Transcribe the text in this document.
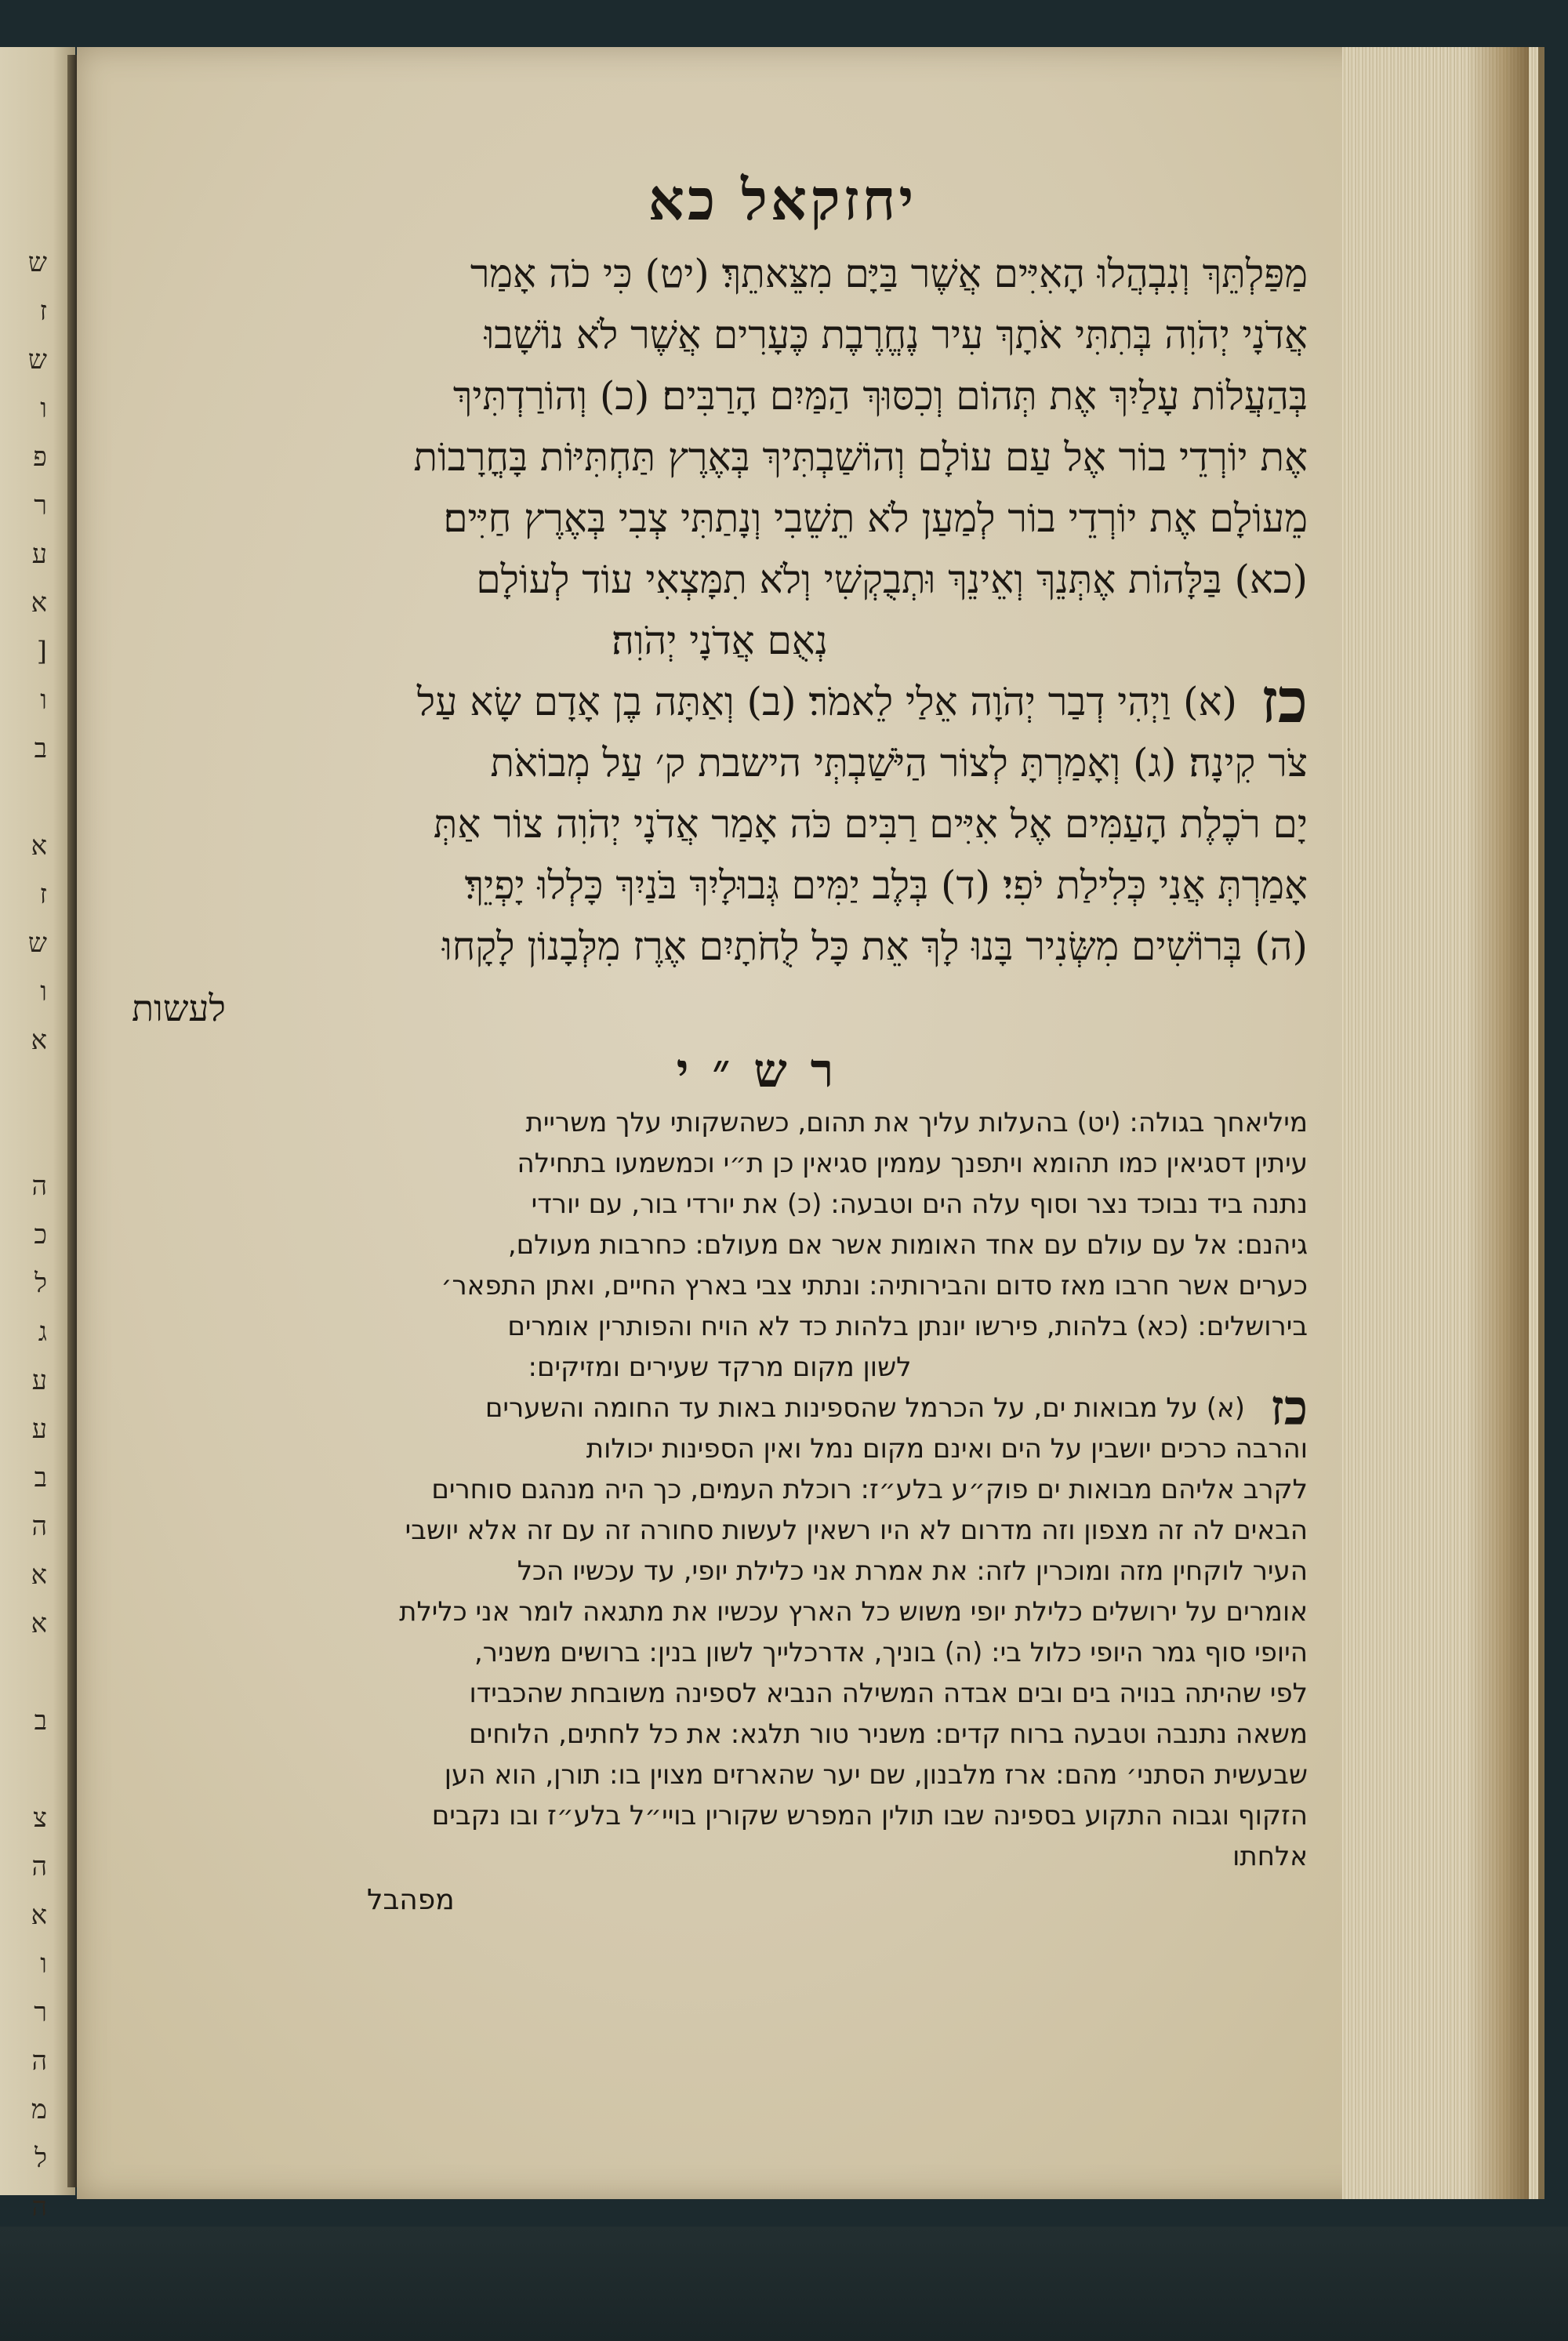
ש
ז
ש
ו
פ
ר
ע
א
[
ו
ב
א
ז
ש
ו
א
ה
כ
ל
ג
ע
ע
ב
ה
א
א
ב
צ
ה
א
ו
ר
ה
מ
ל
ה
יחזקאל כא
מַפַּלְתֵּךְ וְנִבְהֲלוּ הָאִיִּים אֲשֶׁר בַּיָּם מִצֵּאתֵךְ׃ (יט) כִּי כֹה אָמַר
אֲדֹנָי יְהֹוִה בְּתִתִּי אֹתָךְ עִיר נֶחֱרֶבֶת כֶּעָרִים אֲשֶׁר לֹא נוֹשָׁבוּ
בְּהַעֲלוֹת עָלַיִךְ אֶת תְּהוֹם וְכִסּוּךְ הַמַּיִם הָרַבִּים׃ (כ) וְהוֹרַדְתִּיךְ
אֶת יוֹרְדֵי בוֹר אֶל עַם עוֹלָם וְהוֹשַׁבְתִּיךְ בְּאֶרֶץ תַּחְתִּיּוֹת בָּחֳרָבוֹת
מֵעוֹלָם אֶת יוֹרְדֵי בוֹר לְמַעַן לֹא תֵשֵׁבִי וְנָתַתִּי צְבִי בְּאֶרֶץ חַיִּים׃
(כא) בַּלָּהוֹת אֶתְּנֵךְ וְאֵינֵךְ וּתְבֻקְשִׁי וְלֹא תִמָּצְאִי עוֹד לְעוֹלָם
נְאֻם אֲדֹנָי יְהֹוִה׃
כז
(א) וַיְהִי דְבַר יְהֹוָה אֵלַי לֵאמֹר׃ (ב) וְאַתָּה בֶן אָדָם שָׂא עַל
צֹר קִינָה׃ (ג) וְאָמַרְתָּ לְצוֹר הַיֹּשַׁבְתְּי הישבת ק׳ עַל מְבוֹאֹת
יָם רֹכֶלֶת הָעַמִּים אֶל אִיִּים רַבִּים כֹּה אָמַר אֲדֹנָי יְהֹוִה צוֹר אַתְּ
אָמַרְתְּ אֲנִי כְּלִילַת יֹפִי׃ (ד) בְּלֶב יַמִּים גְּבוּלָיִךְ בֹּנַיִךְ כָּלְלוּ יָפְיֵךְ׃
(ה) בְּרוֹשִׁים מִשְּׂנִיר בָּנוּ לָךְ אֵת כָּל לֻחֹתָיִם אֶרֶז מִלְּבָנוֹן לָקָחוּ
לעשות
רש״י
מיליאחך בגולה: (יט) בהעלות עליך את תהום, כשהשקותי עלך משריית
עיתין דסגיאין כמו תהומא ויתפנך עממין סגיאין כן ת״י וכמשמעו בתחילה
נתנה ביד נבוכד נצר וסוף עלה הים וטבעה: (כ) את יורדי בור, עם יורדי
גיהנם: אל עם עולם עם אחד האומות אשר אם מעולם: כחרבות מעולם,
כערים אשר חרבו מאז סדום והבירותיה: ונתתי צבי בארץ החיים, ואתן התפאר׳
בירושלים: (כא) בלהות, פירשו יונתן בלהות כד לא הויח והפותרין אומרים
לשון מקום מרקד שעירים ומזיקים:
כז
(א) על מבואות ים, על הכרמל שהספינות באות עד החומה והשערים
והרבה כרכים יושבין על הים ואינם מקום נמל ואין הספינות יכולות
לקרב אליהם מבואות ים פוק״ע בלע״ז: רוכלת העמים, כך היה מנהגם סוחרים
הבאים לה זה מצפון וזה מדרום לא היו רשאין לעשות סחורה זה עם זה אלא יושבי
העיר לוקחין מזה ומוכרין לזה: את אמרת אני כלילת יופי, עד עכשיו הכל
אומרים על ירושלים כלילת יופי משוש כל הארץ עכשיו את מתגאה לומר אני כלילת
היופי סוף גמר היופי כלול בי: (ה) בוניך, אדרכלייך לשון בנין: ברושים משניר,
לפי שהיתה בנויה בים ובים אבדה המשילה הנביא לספינה משובחת שהכבידו
משאה נתנבה וטבעה ברוח קדים: משניר טור תלגא: את כל לחתים, הלוחים
שבעשית הסתני׳ מהם: ארז מלבנון, שם יער שהארזים מצוין בו: תורן, הוא הען
הזקוף וגבוה התקוע בספינה שבו תולין המפרש שקורין בויי״ל בלע״ז ובו נקבים
אלחתו
מפהבל
